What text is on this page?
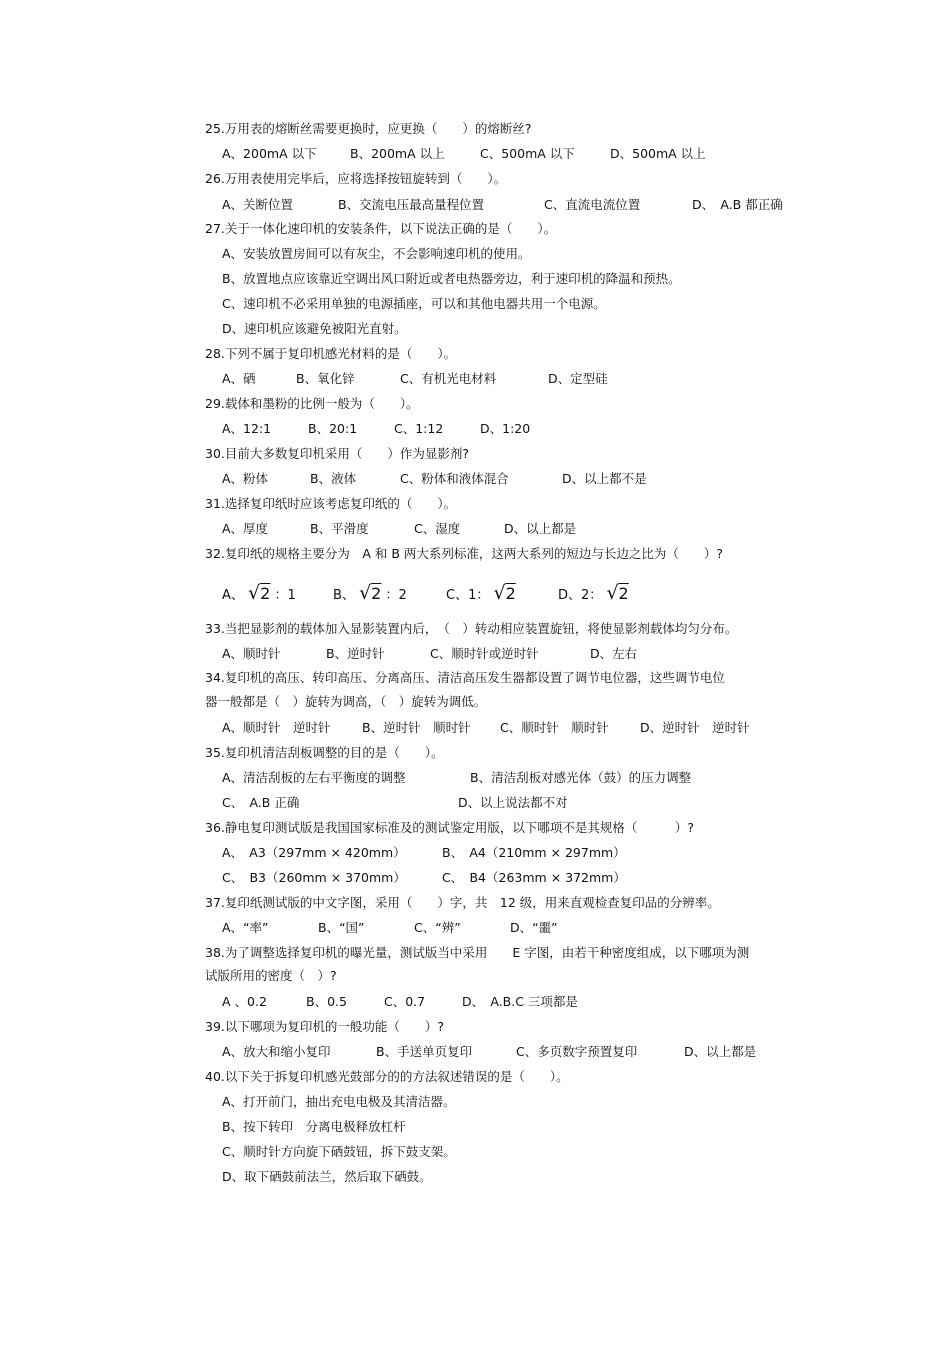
25.万用表的熔断丝需要更换时，应更换（　　）的熔断丝?
A、200mA 以下	B、200mA 以上	C、500mA 以下	D、500mA 以上
26.万用表使用完毕后，应将选择按钮旋转到（　　）。
A、关断位置	B、交流电压最高量程位置	C、直流电流位置	D、　A.B 都正确
27.关于一体化速印机的安装条件，以下说法正确的是（　　）。
A、安装放置房间可以有灰尘，不会影响速印机的使用。
B、放置地点应该靠近空调出风口附近或者电热器旁边，利于速印机的降温和预热。
C、速印机不必采用单独的电源插座，可以和其他电器共用一个电源。
D、速印机应该避免被阳光直射。
28.下列不属于复印机感光材料的是（　　）。
A、硒	B、氧化锌	C、有机光电材料	D、定型硅
29.载体和墨粉的比例一般为（　　）。
A、12:1	B、20:1	C、1:12	D、1:20
30.目前大多数复印机采用（　　）作为显影剂?
A、粉体	B、液体	C、粉体和液体混合	D、以上都不是
31.选择复印纸时应该考虑复印纸的（　　）。
A、厚度	B、平滑度	C、湿度	D、以上都是
32.复印纸的规格主要分为　A 和 B 两大系列标准，这两大系列的短边与长边之比为（　　）?
A、 √2 ：1	B、 √2 ：2	C、1： √2	D、2： √2
33.当把显影剂的载体加入显影装置内后，　（　）转动相应装置旋钮，将使显影剂载体均匀分布。
A、顺时针	B、逆时针	C、顺时针或逆时针	D、左右
34.复印机的高压、转印高压、分离高压、清洁高压发生器都设置了调节电位器，这些调节电位
器一般都是（　）旋转为调高，（　）旋转为调低。
A、顺时针　逆时针	B、逆时针　顺时针 C、顺时针　顺时针	D、逆时针　逆时针
35.复印机清洁刮板调整的目的是（　　）。
A、清洁刮板的左右平衡度的调整	B、清洁刮板对感光体（鼓）的压力调整
C、　A.B 正确	D、以上说法都不对
36.静电复印测试版是我国国家标准及的测试鉴定用版，以下哪项不是其规格（　　　）?
A、　A3（297mm × 420mm）	B、　A4（210mm × 297mm）
C、　B3（260mm × 370mm）	C、　B4（263mm × 372mm）
37.复印纸测试版的中文字图，采用（　　）字，共　12 级，用来直观检查复印品的分辨率。
A、“率”	B、“国”	C、“辨”	D、“噩”
38.为了调整选择复印机的曝光量，测试版当中采用　　E 字图，由若干种密度组成，以下哪项为测
试版所用的密度（　）?
A 、0.2	B、0.5	C、0.7	D、　A.B.C 三项都是
39.以下哪项为复印机的一般功能（　　）?
A、放大和缩小复印	B、手送单页复印	C、多页数字预置复印	D、以上都是
40.以下关于拆复印机感光鼓部分的的方法叙述错误的是（　　）。
A、打开前门，抽出充电电极及其清洁器。
B、按下转印　分离电极释放杠杆
C、顺时针方向旋下硒鼓钮，拆下鼓支架。
D、取下硒鼓前法兰，然后取下硒鼓。
